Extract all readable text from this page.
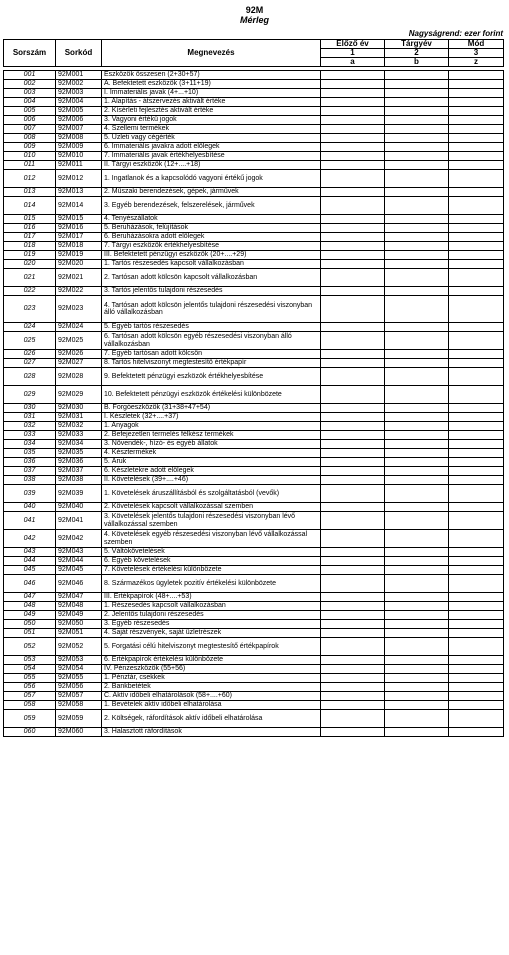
92M
Mérleg
Nagyságrend: ezer forint
Sorszám	Sorkód	Megnevezés	Előző év	Tárgyév	Mód
			1	2	3
			a	b	z

001	92M001	Eszközök összesen (2+30+57)			
002	92M002	A. Befektetett eszközök (3+11+19)			
003	92M003	I. Immateriális javak (4+...+10)			
004	92M004	1. Alapítás - átszervezés aktivált értéke			
005	92M005	2. Kísérleti fejlesztés aktivált értéke			
006	92M006	3. Vagyoni értékű jogok			
007	92M007	4. Szellemi termékek			
008	92M008	5. Üzleti vagy cégérték			
009	92M009	6. Immateriális javakra adott előlegek			
010	92M010	7. Immateriális javak értékhelyesbítése			
011	92M011	II. Tárgyi eszközök (12+....+18)			
012	92M012	1. Ingatlanok és a kapcsolódó vagyoni értékű jogok			
013	92M013	2. Műszaki berendezések, gépek, járművek			
014	92M014	3. Egyéb berendezések, felszerelések, járművek			
015	92M015	4. Tenyészállatok			
016	92M016	5. Beruházások, felújítások			
017	92M017	6. Beruházásokra adott előlegek			
018	92M018	7. Tárgyi eszközök értékhelyesbítése			
019	92M019	III. Befektetett pénzügyi eszközök (20+....+29)			
020	92M020	1. Tartós részesedés kapcsolt vállalkozásban			
021	92M021	2. Tartósan adott kölcsön kapcsolt vállalkozásban			
022	92M022	3. Tartós jelentős tulajdoni részesedés			
023	92M023	4. Tartósan adott kölcsön jelentős tulajdoni részesedési viszonyban álló vállalkozásban			
024	92M024	5. Egyéb tartós részesedés			
025	92M025	6. Tartósan adott kölcsön egyéb részesedési viszonyban álló vállalkozásban			
026	92M026	7. Egyéb tartósan adott kölcsön			
027	92M027	8. Tartós hitelviszonyt megtestesítő értékpapír			
028	92M028	9. Befektetett pénzügyi eszközök értékhelyesbítése			
029	92M029	10. Befektetett pénzügyi eszközök értékelési különbözete			
030	92M030	B. Forgóeszközök (31+38+47+54)			
031	92M031	I. Készletek (32+....+37)			
032	92M032	1. Anyagok			
033	92M033	2. Befejezetlen termelés félkész termékek			
034	92M034	3. Növendék-, hízó- és egyéb állatok			
035	92M035	4. Késztermékek			
036	92M036	5. Áruk			
037	92M037	6. Készletekre adott előlegek			
038	92M038	II. Követelések (39+....+46)			
039	92M039	1. Követelések áruszállításból és szolgáltatásból (vevők)			
040	92M040	2. Követelések kapcsolt vállalkozással szemben			
041	92M041	3. Követelések jelentős tulajdoni részesedési viszonyban lévő vállalkozással szemben			
042	92M042	4. Követelések egyéb részesedési viszonyban lévő vállalkozással szemben			
043	92M043	5. Váltókövetelések			
044	92M044	6. Egyéb követelések			
045	92M045	7. Követelések értékelési különbözete			
046	92M046	8. Származékos ügyletek pozitív értékelési különbözete			
047	92M047	III. Értékpapírok (48+....+53)			
048	92M048	1. Részesedés kapcsolt vállalkozásban			
049	92M049	2. Jelentős tulajdoni részesedés			
050	92M050	3. Egyéb részesedés			
051	92M051	4. Saját részvények, saját üzletrészek			
052	92M052	5. Forgatási célú hitelviszonyt megtestesítő értékpapírok			
053	92M053	6. Értékpapírok értékelési különbözete			
054	92M054	IV. Pénzeszközök (55+56)			
055	92M055	1. Pénztár, csekkek			
056	92M056	2. Bankbetétek			
057	92M057	C. Aktív időbeli elhatárolások (58+....+60)			
058	92M058	1. Bevételek aktív időbeli elhatárolása			
059	92M059	2. Költségek, ráfordítások aktív időbeli elhatárolása			
060	92M060	3. Halasztott ráfordítások			
